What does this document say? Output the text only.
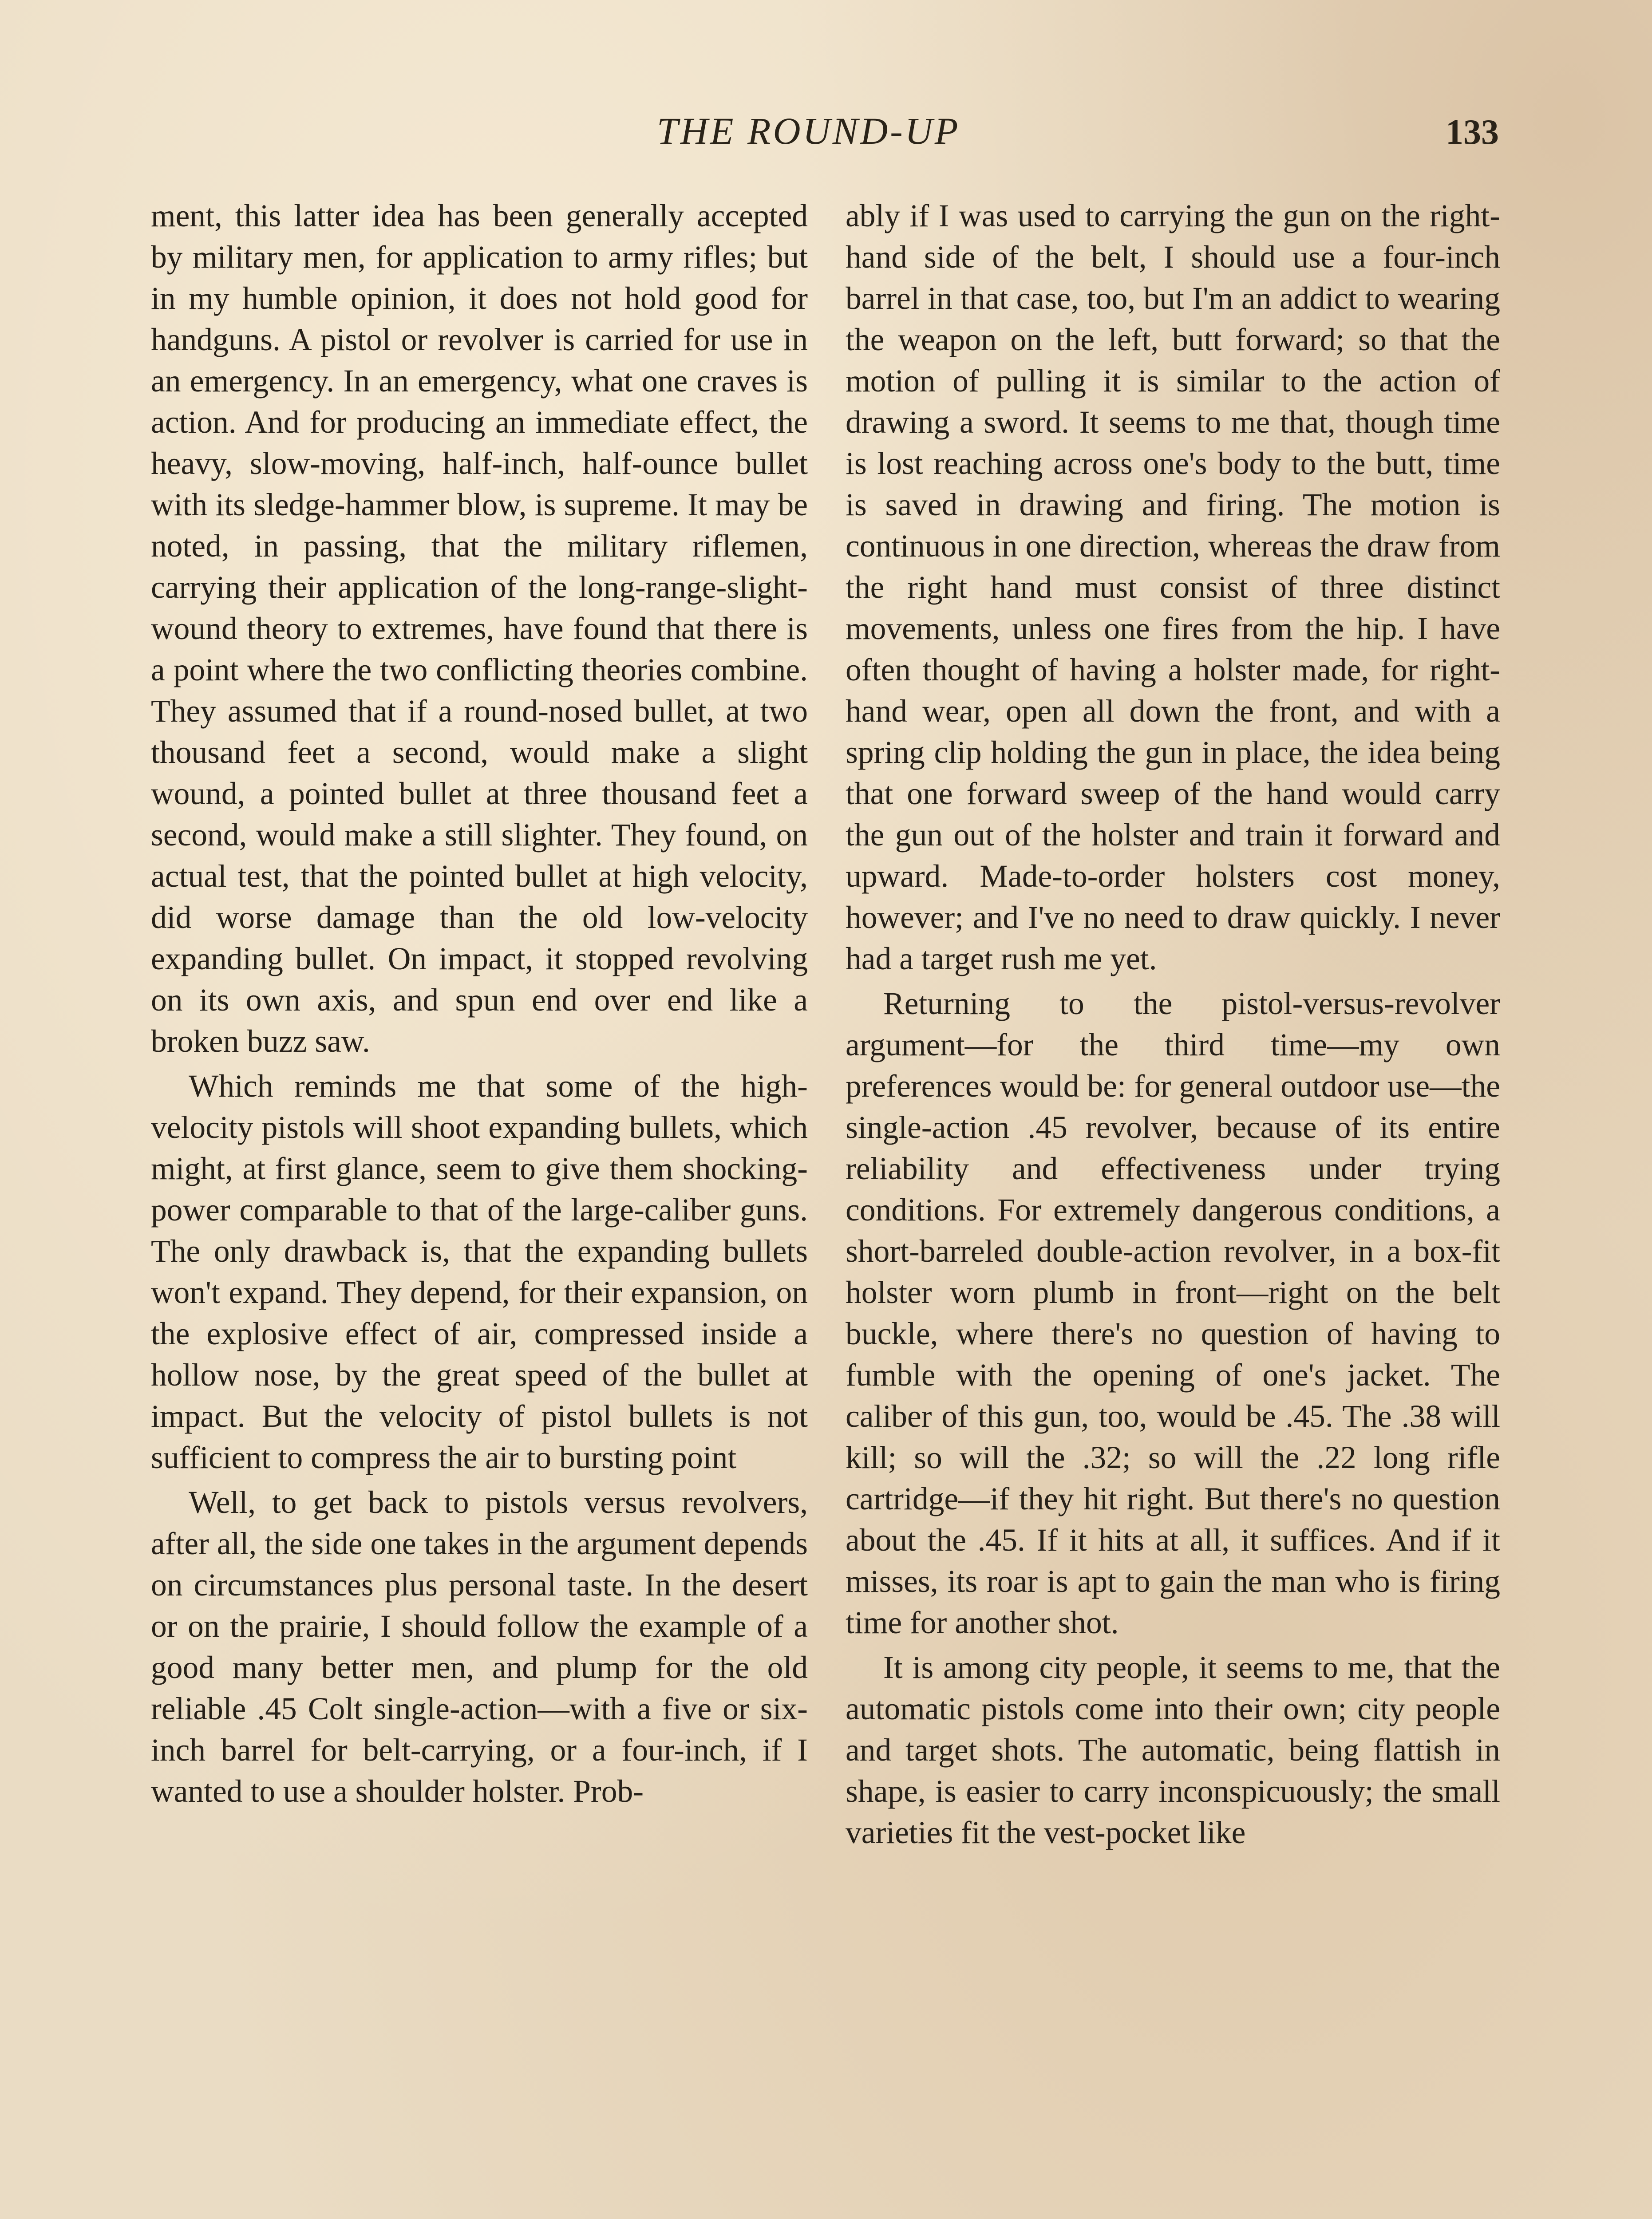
THE ROUND-UP	133

ment, this latter idea has been generally accepted by military men, for application to army rifles; but in my humble opinion, it does not hold good for handguns. A pistol or revolver is carried for use in an emergency. In an emergency, what one craves is action. And for producing an immediate effect, the heavy, slow-moving, half-inch, half-ounce bullet with its sledge-hammer blow, is supreme. It may be noted, in passing, that the military riflemen, carrying their application of the long-range-slight-wound theory to extremes, have found that there is a point where the two conflicting theories combine. They assumed that if a round-nosed bullet, at two thousand feet a second, would make a slight wound, a pointed bullet at three thousand feet a second, would make a still slighter. They found, on actual test, that the pointed bullet at high velocity, did worse damage than the old low-velocity expanding bullet. On impact, it stopped revolving on its own axis, and spun end over end like a broken buzz saw.

Which reminds me that some of the high-velocity pistols will shoot expanding bullets, which might, at first glance, seem to give them shocking-power comparable to that of the large-caliber guns. The only drawback is, that the expanding bullets won't expand. They depend, for their expansion, on the explosive effect of air, compressed inside a hollow nose, by the great speed of the bullet at impact. But the velocity of pistol bullets is not sufficient to compress the air to bursting point

Well, to get back to pistols versus revolvers, after all, the side one takes in the argument depends on circumstances plus personal taste. In the desert or on the prairie, I should follow the example of a good many better men, and plump for the old reliable .45 Colt single-action—with a five or six-inch barrel for belt-carrying, or a four-inch, if I wanted to use a shoulder holster. Prob-

ably if I was used to carrying the gun on the right-hand side of the belt, I should use a four-inch barrel in that case, too, but I'm an addict to wearing the weapon on the left, butt forward; so that the motion of pulling it is similar to the action of drawing a sword. It seems to me that, though time is lost reaching across one's body to the butt, time is saved in drawing and firing. The motion is continuous in one direction, whereas the draw from the right hand must consist of three distinct movements, unless one fires from the hip. I have often thought of having a holster made, for right-hand wear, open all down the front, and with a spring clip holding the gun in place, the idea being that one forward sweep of the hand would carry the gun out of the holster and train it forward and upward. Made-to-order holsters cost money, however; and I've no need to draw quickly. I never had a target rush me yet.

Returning to the pistol-versus-revolver argument—for the third time—my own preferences would be: for general outdoor use—the single-action .45 revolver, because of its entire reliability and effectiveness under trying conditions. For extremely dangerous conditions, a short-barreled double-action revolver, in a box-fit holster worn plumb in front—right on the belt buckle, where there's no question of having to fumble with the opening of one's jacket. The caliber of this gun, too, would be .45. The .38 will kill; so will the .32; so will the .22 long rifle cartridge—if they hit right. But there's no question about the .45. If it hits at all, it suffices. And if it misses, its roar is apt to gain the man who is firing time for another shot.

It is among city people, it seems to me, that the automatic pistols come into their own; city people and target shots. The automatic, being flattish in shape, is easier to carry inconspicuously; the small varieties fit the vest-pocket like
